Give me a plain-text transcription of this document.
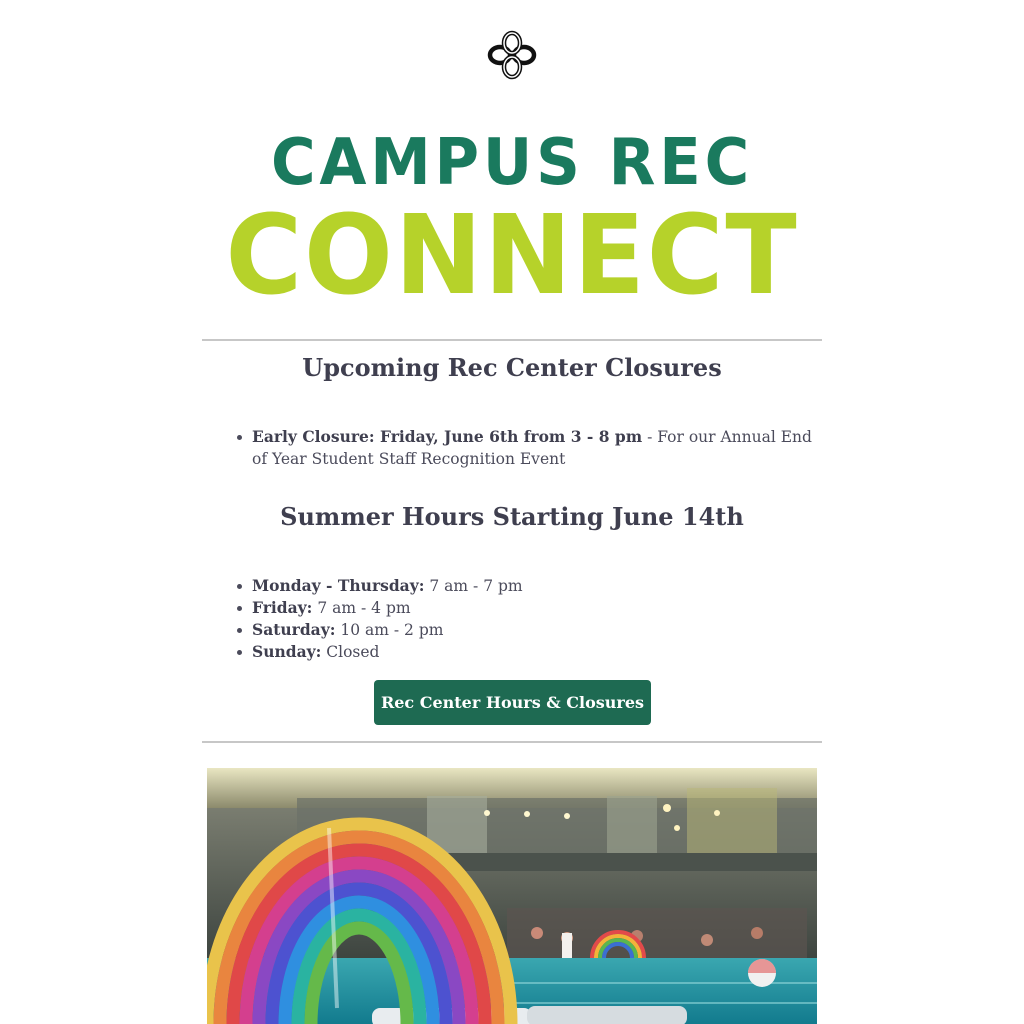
CAMPUS REC
CONNECT
Upcoming Rec Center Closures
Early Closure: Friday, June 6th from 3 - 8 pm - For our Annual End of Year Student Staff Recognition Event
Summer Hours Starting June 14th
Monday - Thursday: 7 am - 7 pm
Friday: 7 am - 4 pm
Saturday: 10 am - 2 pm
Sunday: Closed
Rec Center Hours & Closures
